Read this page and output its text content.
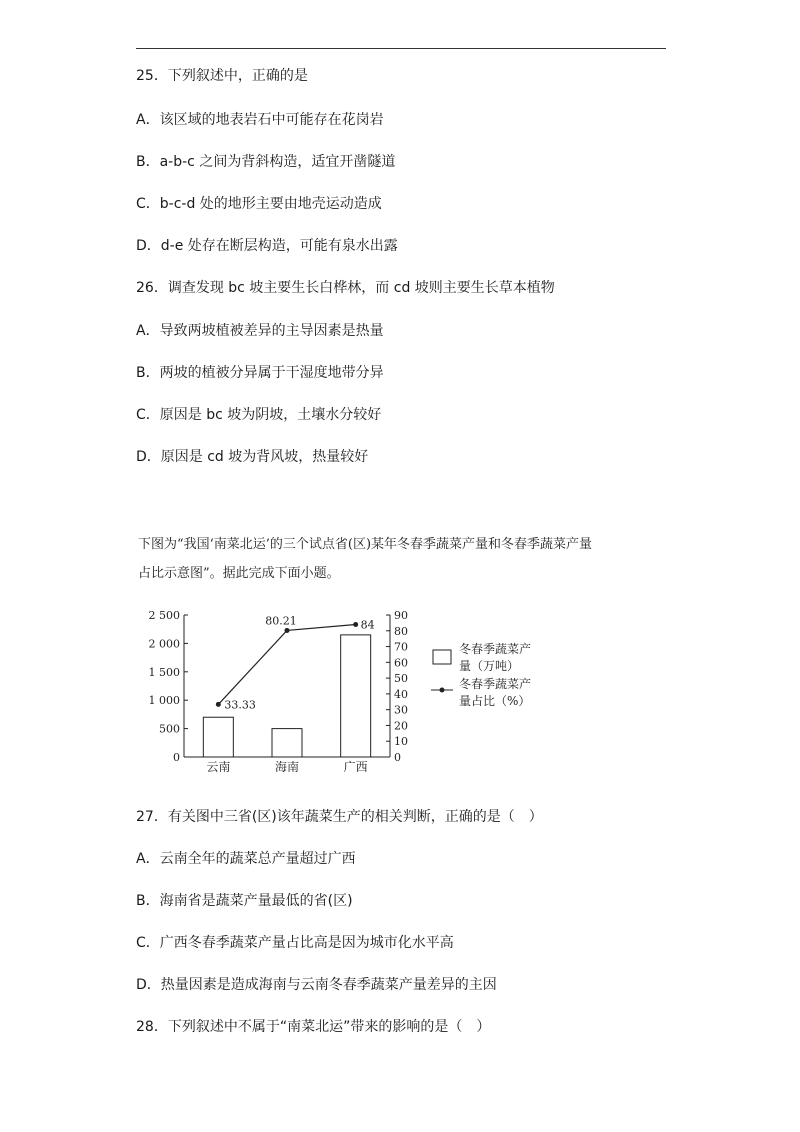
25．下列叙述中，正确的是
A．该区域的地表岩石中可能存在花岗岩
B．a-b-c 之间为背斜构造，适宜开凿隧道
C．b-c-d 处的地形主要由地壳运动造成
D．d-e 处存在断层构造，可能有泉水出露
26．调查发现 bc 坡主要生长白桦林，而 cd 坡则主要生长草本植物
A．导致两坡植被差异的主导因素是热量
B．两坡的植被分异属于干湿度地带分异
C．原因是 bc 坡为阴坡，土壤水分较好
D．原因是 cd 坡为背风坡，热量较好
下图为“我国‘南菜北运’的三个试点省(区)某年冬春季蔬菜产量和冬春季蔬菜产量
占比示意图”。据此完成下面小题。
0
500
1 000
1 500
2 000
2 500
0
10
20
30
40
50
60
70
80
90
云南	海南	广西
33.33
80.21	84
冬春季蔬菜产
量（万吨）
冬春季蔬菜产
量占比（%）
27．有关图中三省(区)该年蔬菜生产的相关判断，正确的是（　）
A．云南全年的蔬菜总产量超过广西
B．海南省是蔬菜产量最低的省(区)
C．广西冬春季蔬菜产量占比高是因为城市化水平高
D．热量因素是造成海南与云南冬春季蔬菜产量差异的主因
28．下列叙述中不属于“南菜北运”带来的影响的是（　）
